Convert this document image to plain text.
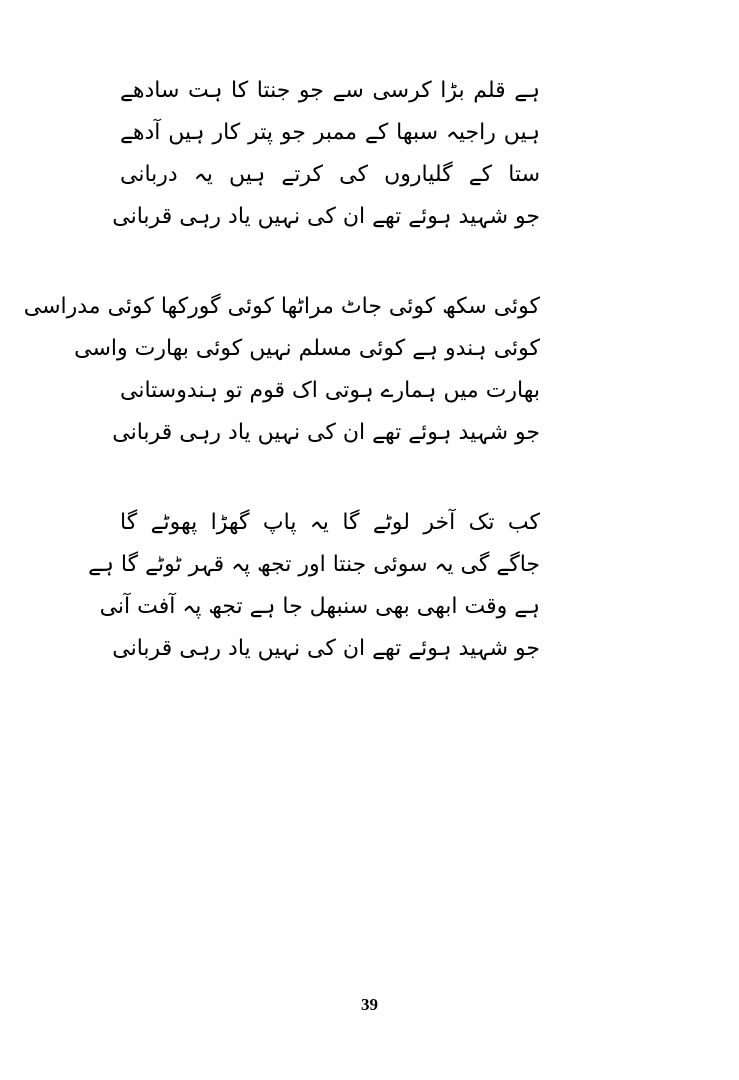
ہے قلم بڑا کرسی سے جو جنتا کا ہت سادھے
ہیں راجیہ سبھا کے ممبر جو پتر کار ہیں آدھے
ستا کے گلیاروں کی کرتے ہیں یہ دربانی
جو شہید ہوئے تھے ان کی نہیں یاد رہی قربانی
کوئی سکھ کوئی جاٹ مراٹھا کوئی گورکھا کوئی مدراسی
کوئی ہندو ہے کوئی مسلم نہیں کوئی بھارت واسی
بھارت میں ہمارے ہوتی اک قوم تو ہندوستانی
جو شہید ہوئے تھے ان کی نہیں یاد رہی قربانی
کب تک آخر لوٹے گا یہ پاپ گھڑا پھوٹے گا
جاگے گی یہ سوئی جنتا اور تجھ پہ قہر ٹوٹے گا ہے
ہے وقت ابھی بھی سنبھل جا ہے تجھ پہ آفت آنی
جو شہید ہوئے تھے ان کی نہیں یاد رہی قربانی
39
